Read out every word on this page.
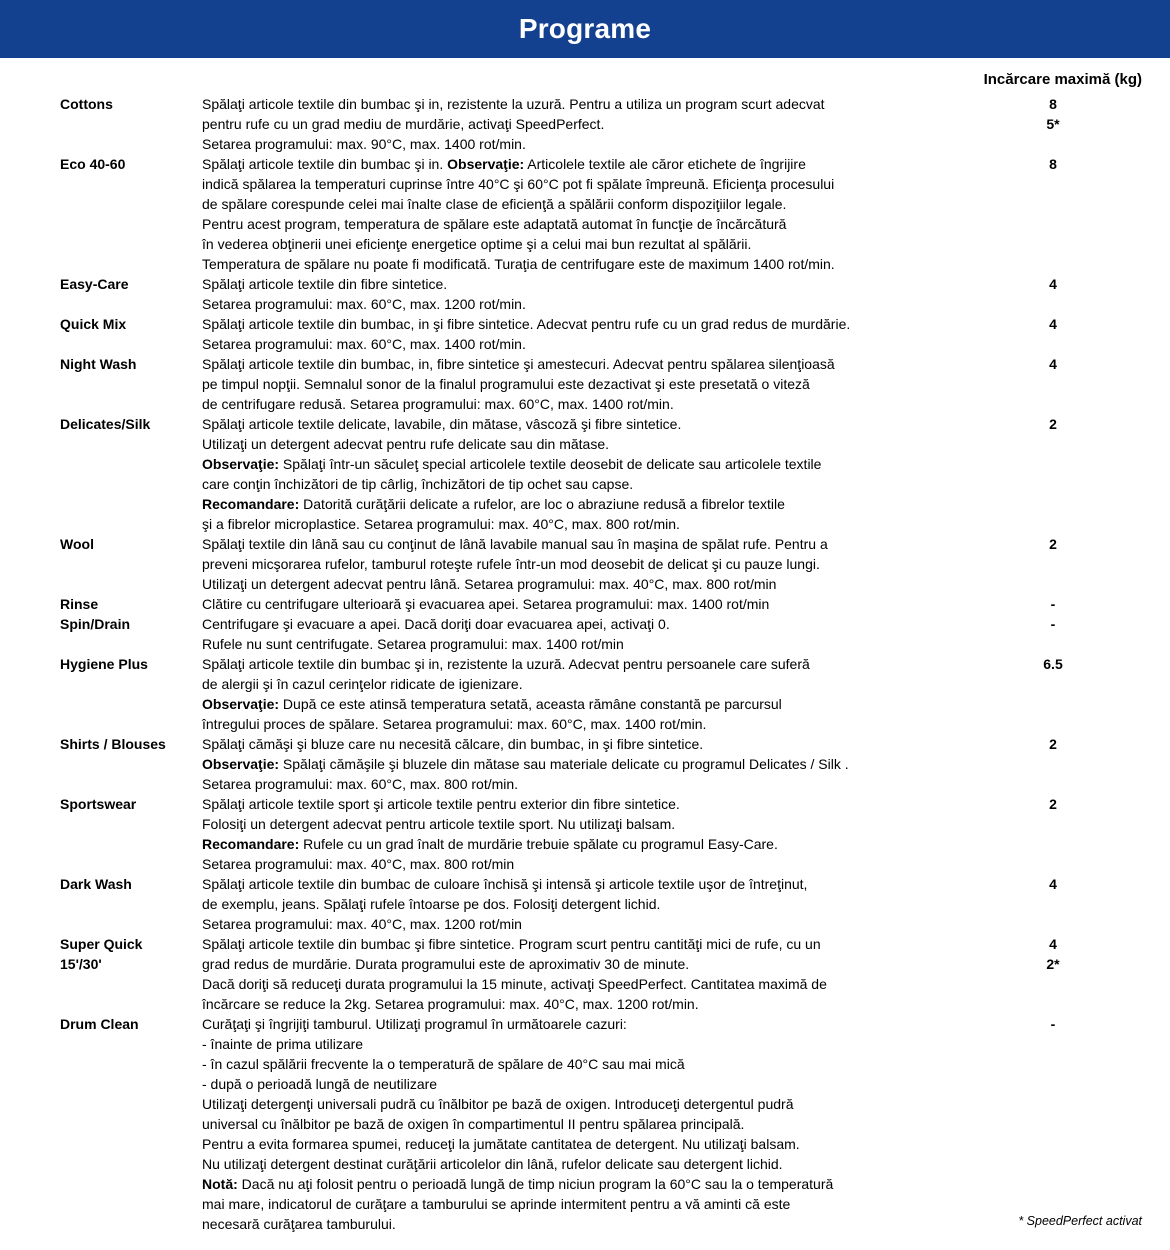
Programe
Incărcare maximă (kg)
Cottons	Spălaţi articole textile din bumbac şi in, rezistente la uzură. Pentru a utiliza un program scurt adecvat	8
pentru rufe cu un grad mediu de murdărie, activaţi SpeedPerfect.	5*
Setarea programului: max. 90°C, max. 1400 rot/min.
Eco 40-60	Spălaţi articole textile din bumbac şi in. Observaţie: Articolele textile ale căror etichete de îngrijire	8
indică spălarea la temperaturi cuprinse între 40°C şi 60°C pot fi spălate împreună. Eficienţa procesului
de spălare corespunde celei mai înalte clase de eficienţă a spălării conform dispoziţiilor legale.
Pentru acest program, temperatura de spălare este adaptată automat în funcţie de încărcătură
în vederea obţinerii unei eficienţe energetice optime şi a celui mai bun rezultat al spălării.
Temperatura de spălare nu poate fi modificată. Turaţia de centrifugare este de maximum 1400 rot/min.
Easy-Care	Spălaţi articole textile din fibre sintetice.	4
Setarea programului: max. 60°C, max. 1200 rot/min.
Quick Mix	Spălaţi articole textile din bumbac, in şi fibre sintetice. Adecvat pentru rufe cu un grad redus de murdărie.	4
Setarea programului: max. 60°C, max. 1400 rot/min.
Night Wash	Spălaţi articole textile din bumbac, in, fibre sintetice şi amestecuri. Adecvat pentru spălarea silenţioasă	4
pe timpul nopţii. Semnalul sonor de la finalul programului este dezactivat şi este presetată o viteză
de centrifugare redusă. Setarea programului: max. 60°C, max. 1400 rot/min.
Delicates/Silk	Spălaţi articole textile delicate, lavabile, din mătase, vâscoză şi fibre sintetice.	2
Utilizaţi un detergent adecvat pentru rufe delicate sau din mătase.
Observaţie: Spălaţi într-un săculeţ special articolele textile deosebit de delicate sau articolele textile
care conţin închizători de tip cârlig, închizători de tip ochet sau capse.
Recomandare: Datorită curăţării delicate a rufelor, are loc o abraziune redusă a fibrelor textile
şi a fibrelor microplastice. Setarea programului: max. 40°C, max. 800 rot/min.
Wool	Spălaţi textile din lână sau cu conţinut de lână lavabile manual sau în maşina de spălat rufe. Pentru a	2
preveni micşorarea rufelor, tamburul roteşte rufele într-un mod deosebit de delicat şi cu pauze lungi.
Utilizaţi un detergent adecvat pentru lână. Setarea programului: max. 40°C, max. 800 rot/min
Rinse	Clătire cu centrifugare ulterioară şi evacuarea apei. Setarea programului: max. 1400 rot/min	-
Spin/Drain	Centrifugare şi evacuare a apei. Dacă doriţi doar evacuarea apei, activaţi 0.	-
Rufele nu sunt centrifugate. Setarea programului: max. 1400 rot/min
Hygiene Plus	Spălaţi articole textile din bumbac şi in, rezistente la uzură. Adecvat pentru persoanele care suferă	6.5
de alergii şi în cazul cerinţelor ridicate de igienizare.
Observaţie: După ce este atinsă temperatura setată, aceasta rămâne constantă pe parcursul
întregului proces de spălare. Setarea programului: max. 60°C, max. 1400 rot/min.
Shirts / Blouses	Spălaţi cămăşi şi bluze care nu necesită călcare, din bumbac, in şi fibre sintetice.	2
Observaţie: Spălaţi cămăşile şi bluzele din mătase sau materiale delicate cu programul Delicates / Silk .
Setarea programului: max. 60°C, max. 800 rot/min.
Sportswear	Spălaţi articole textile sport şi articole textile pentru exterior din fibre sintetice.	2
Folosiţi un detergent adecvat pentru articole textile sport. Nu utilizaţi balsam.
Recomandare: Rufele cu un grad înalt de murdărie trebuie spălate cu programul Easy-Care.
Setarea programului: max. 40°C, max. 800 rot/min
Dark Wash	Spălaţi articole textile din bumbac de culoare închisă şi intensă şi articole textile uşor de întreţinut,	4
de exemplu, jeans. Spălaţi rufele întoarse pe dos. Folosiţi detergent lichid.
Setarea programului: max. 40°C, max. 1200 rot/min
Super Quick	Spălaţi articole textile din bumbac şi fibre sintetice. Program scurt pentru cantităţi mici de rufe, cu un	4
15'/30'	grad redus de murdărie. Durata programului este de aproximativ 30 de minute.	2*
Dacă doriţi să reduceţi durata programului la 15 minute, activaţi SpeedPerfect. Cantitatea maximă de
încărcare se reduce la 2kg. Setarea programului: max. 40°C, max. 1200 rot/min.
Drum Clean	Curăţaţi şi îngrijiţi tamburul. Utilizaţi programul în următoarele cazuri:	-
- înainte de prima utilizare
- în cazul spălării frecvente la o temperatură de spălare de 40°C sau mai mică
- după o perioadă lungă de neutilizare
Utilizaţi detergenţi universali pudră cu înălbitor pe bază de oxigen. Introduceţi detergentul pudră
universal cu înălbitor pe bază de oxigen în compartimentul II pentru spălarea principală.
Pentru a evita formarea spumei, reduceţi la jumătate cantitatea de detergent. Nu utilizaţi balsam.
Nu utilizaţi detergent destinat curăţării articolelor din lână, rufelor delicate sau detergent lichid.
Notă: Dacă nu aţi folosit pentru o perioadă lungă de timp niciun program la 60°C sau la o temperatură
mai mare, indicatorul de curăţare a tamburului se aprinde intermitent pentru a vă aminti că este
necesară curăţarea tamburului.	* SpeedPerfect activat
